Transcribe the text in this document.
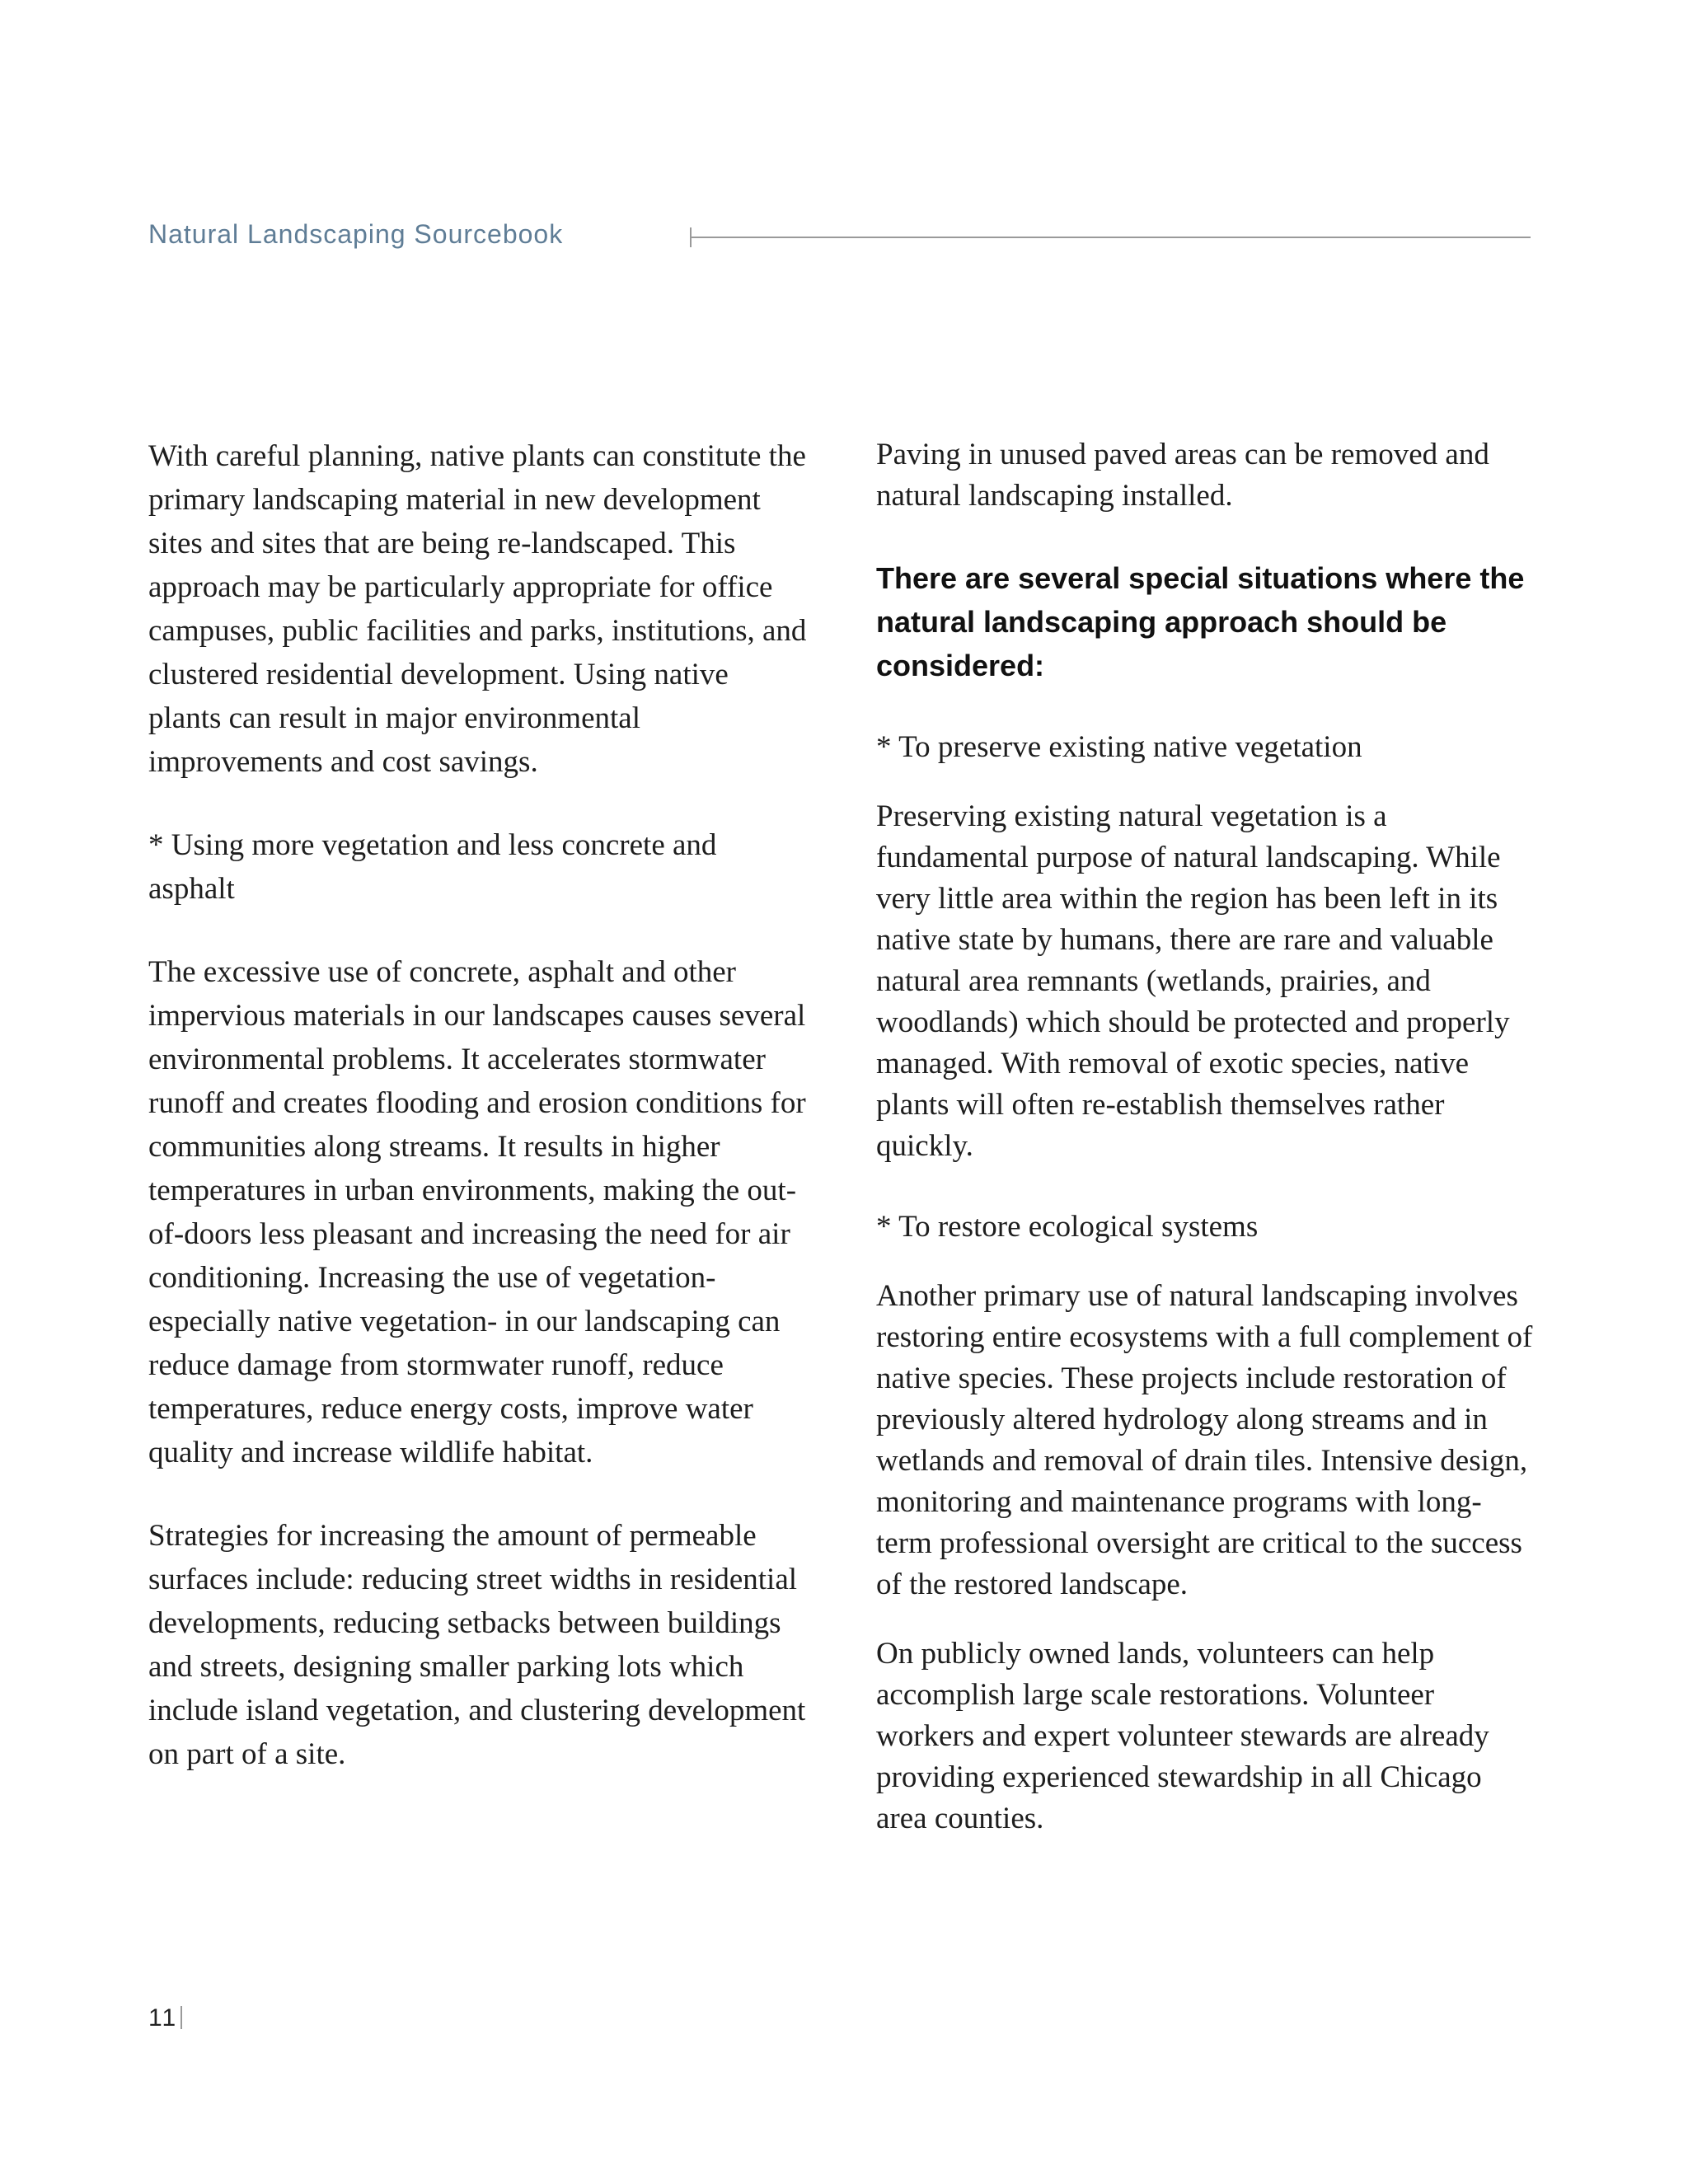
Natural Landscaping Sourcebook

With careful planning, native plants can constitute the primary landscaping material in new development sites and sites that are being re-landscaped. This approach may be particularly appropriate for office campuses, public facilities and parks, institutions, and clustered residential development. Using native plants can result in major environmental improvements and cost savings.

* Using more vegetation and less concrete and asphalt

The excessive use of concrete, asphalt and other impervious materials in our landscapes causes several environmental problems. It accelerates stormwater runoff and creates flooding and erosion conditions for communities along streams. It results in higher temperatures in urban environments, making the out-of-doors less pleasant and increasing the need for air conditioning. Increasing the use of vegetation- especially native vegetation- in our landscaping can reduce damage from stormwater runoff, reduce temperatures, reduce energy costs, improve water quality and increase wildlife habitat.

Strategies for increasing the amount of permeable surfaces include: reducing street widths in residential developments, reducing setbacks between buildings and streets, designing smaller parking lots which include island vegetation, and clustering development on part of a site.

Paving in unused paved areas can be removed and natural landscaping installed.

There are several special situations where the natural landscaping approach should be considered:

* To preserve existing native vegetation

Preserving existing natural vegetation is a fundamental purpose of natural landscaping. While very little area within the region has been left in its native state by humans, there are rare and valuable natural area remnants (wetlands, prairies, and woodlands) which should be protected and properly managed. With removal of exotic species, native plants will often re-establish themselves rather quickly.

* To restore ecological systems

Another primary use of natural landscaping involves restoring entire ecosystems with a full complement of native species. These projects include restoration of previously altered hydrology along streams and in wetlands and removal of drain tiles. Intensive design, monitoring and maintenance programs with long-term professional oversight are critical to the success of the restored landscape.

On publicly owned lands, volunteers can help accomplish large scale restorations. Volunteer workers and expert volunteer stewards are already providing experienced stewardship in all Chicago area counties.

11
